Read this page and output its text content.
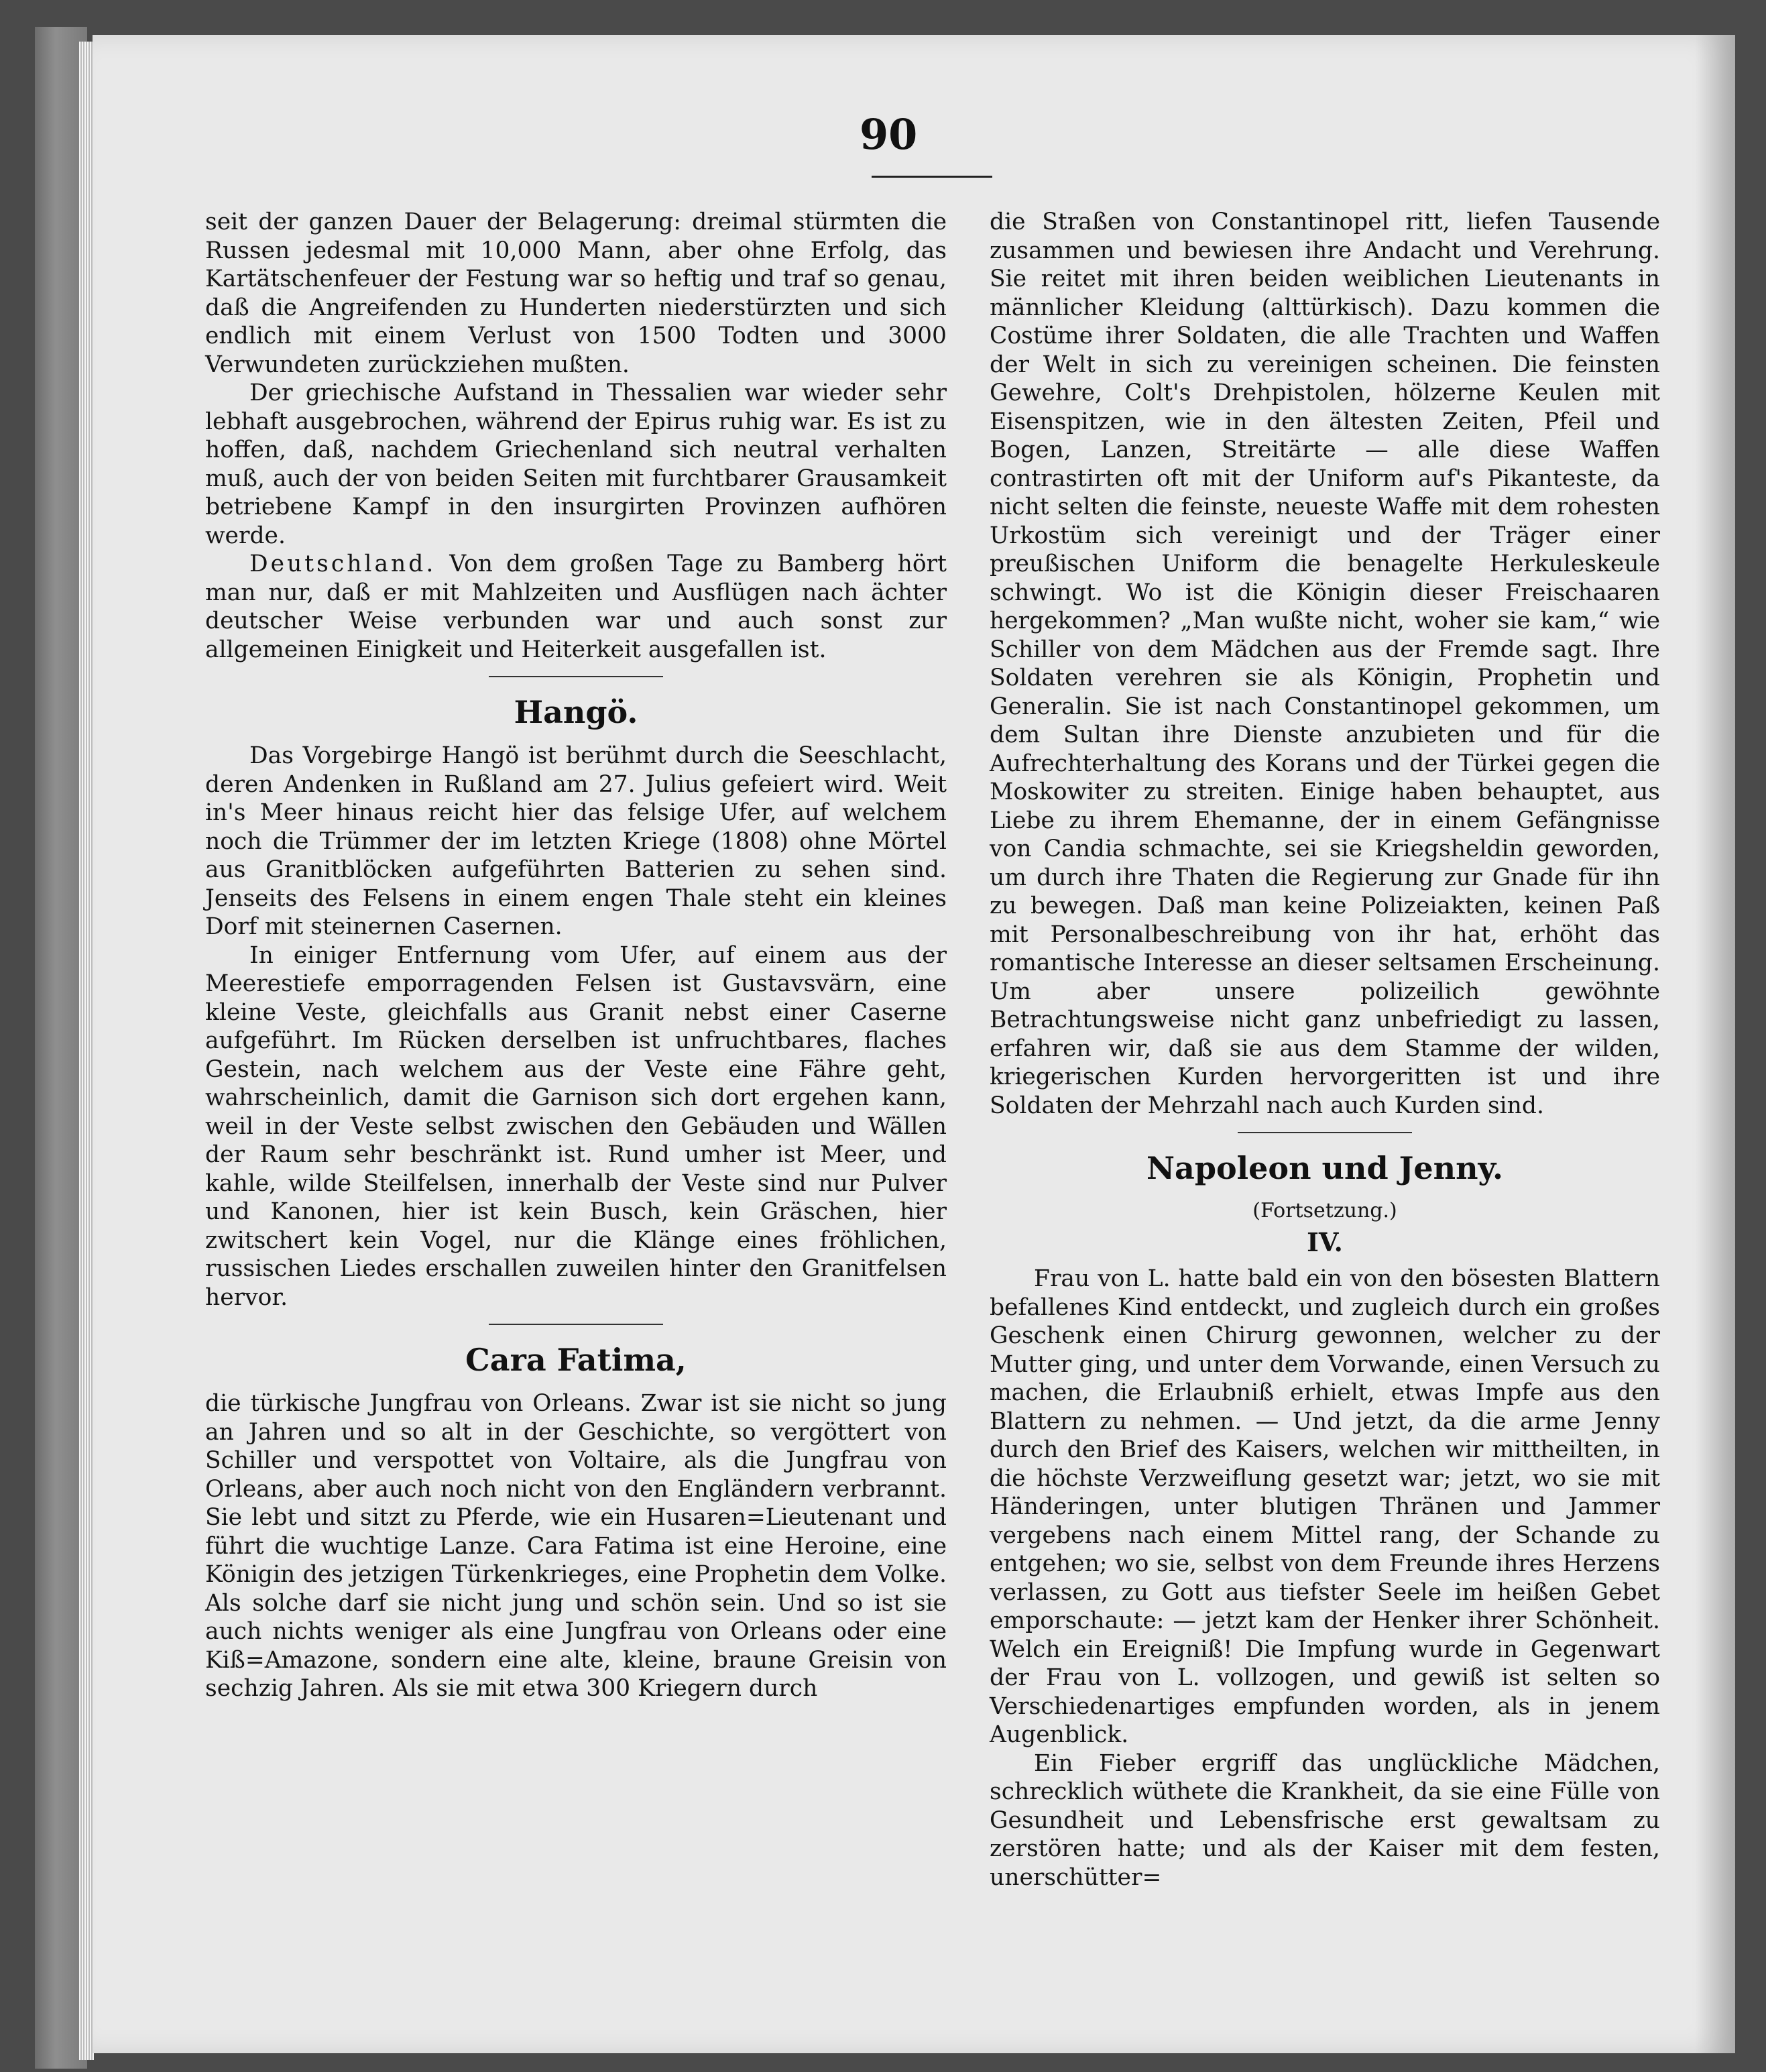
90

seit der ganzen Dauer der Belagerung: dreimal stürmten die Russen jedesmal mit 10,000 Mann, aber ohne Erfolg, das Kartätschenfeuer der Festung war so heftig und traf so genau, daß die Angreifenden zu Hunderten niederstürzten und sich endlich mit einem Verlust von 1500 Todten und 3000 Verwundeten zurückziehen mußten.

Der griechische Aufstand in Thessalien war wieder sehr lebhaft ausgebrochen, während der Epirus ruhig war. Es ist zu hoffen, daß, nachdem Griechenland sich neutral verhalten muß, auch der von beiden Seiten mit furchtbarer Grausamkeit betriebene Kampf in den insurgirten Provinzen aufhören werde.

Deutschland. Von dem großen Tage zu Bamberg hört man nur, daß er mit Mahlzeiten und Ausflügen nach ächter deutscher Weise verbunden war und auch sonst zur allgemeinen Einigkeit und Heiterkeit ausgefallen ist.

Hangö.

Das Vorgebirge Hangö ist berühmt durch die Seeschlacht, deren Andenken in Rußland am 27. Julius gefeiert wird. Weit in's Meer hinaus reicht hier das felsige Ufer, auf welchem noch die Trümmer der im letzten Kriege (1808) ohne Mörtel aus Granitblöcken aufgeführten Batterien zu sehen sind. Jenseits des Felsens in einem engen Thale steht ein kleines Dorf mit steinernen Casernen.

In einiger Entfernung vom Ufer, auf einem aus der Meerestiefe emporragenden Felsen ist Gustavsvärn, eine kleine Veste, gleichfalls aus Granit nebst einer Caserne aufgeführt. Im Rücken derselben ist unfruchtbares, flaches Gestein, nach welchem aus der Veste eine Fähre geht, wahrscheinlich, damit die Garnison sich dort ergehen kann, weil in der Veste selbst zwischen den Gebäuden und Wällen der Raum sehr beschränkt ist. Rund umher ist Meer, und kahle, wilde Steilfelsen, innerhalb der Veste sind nur Pulver und Kanonen, hier ist kein Busch, kein Gräschen, hier zwitschert kein Vogel, nur die Klänge eines fröhlichen, russischen Liedes erschallen zuweilen hinter den Granitfelsen hervor.

Cara Fatima,

die türkische Jungfrau von Orleans. Zwar ist sie nicht so jung an Jahren und so alt in der Geschichte, so vergöttert von Schiller und verspottet von Voltaire, als die Jungfrau von Orleans, aber auch noch nicht von den Engländern verbrannt. Sie lebt und sitzt zu Pferde, wie ein Husaren=Lieutenant und führt die wuchtige Lanze. Cara Fatima ist eine Heroine, eine Königin des jetzigen Türkenkrieges, eine Prophetin dem Volke. Als solche darf sie nicht jung und schön sein. Und so ist sie auch nichts weniger als eine Jungfrau von Orleans oder eine Kiß=Amazone, sondern eine alte, kleine, braune Greisin von sechzig Jahren. Als sie mit etwa 300 Kriegern durch

die Straßen von Constantinopel ritt, liefen Tausende zusammen und bewiesen ihre Andacht und Verehrung. Sie reitet mit ihren beiden weiblichen Lieutenants in männlicher Kleidung (alttürkisch). Dazu kommen die Costüme ihrer Soldaten, die alle Trachten und Waffen der Welt in sich zu vereinigen scheinen. Die feinsten Gewehre, Colt's Drehpistolen, hölzerne Keulen mit Eisenspitzen, wie in den ältesten Zeiten, Pfeil und Bogen, Lanzen, Streitärte — alle diese Waffen contrastirten oft mit der Uniform auf's Pikanteste, da nicht selten die feinste, neueste Waffe mit dem rohesten Urkostüm sich vereinigt und der Träger einer preußischen Uniform die benagelte Herkuleskeule schwingt. Wo ist die Königin dieser Freischaaren hergekommen? „Man wußte nicht, woher sie kam,“ wie Schiller von dem Mädchen aus der Fremde sagt. Ihre Soldaten verehren sie als Königin, Prophetin und Generalin. Sie ist nach Constantinopel gekommen, um dem Sultan ihre Dienste anzubieten und für die Aufrechterhaltung des Korans und der Türkei gegen die Moskowiter zu streiten. Einige haben behauptet, aus Liebe zu ihrem Ehemanne, der in einem Gefängnisse von Candia schmachte, sei sie Kriegsheldin geworden, um durch ihre Thaten die Regierung zur Gnade für ihn zu bewegen. Daß man keine Polizeiakten, keinen Paß mit Personalbeschreibung von ihr hat, erhöht das romantische Interesse an dieser seltsamen Erscheinung. Um aber unsere polizeilich gewöhnte Betrachtungsweise nicht ganz unbefriedigt zu lassen, erfahren wir, daß sie aus dem Stamme der wilden, kriegerischen Kurden hervorgeritten ist und ihre Soldaten der Mehrzahl nach auch Kurden sind.

Napoleon und Jenny.
(Fortsetzung.)
IV.

Frau von L. hatte bald ein von den bösesten Blattern befallenes Kind entdeckt, und zugleich durch ein großes Geschenk einen Chirurg gewonnen, welcher zu der Mutter ging, und unter dem Vorwande, einen Versuch zu machen, die Erlaubniß erhielt, etwas Impfe aus den Blattern zu nehmen. — Und jetzt, da die arme Jenny durch den Brief des Kaisers, welchen wir mittheilten, in die höchste Verzweiflung gesetzt war; jetzt, wo sie mit Händeringen, unter blutigen Thränen und Jammer vergebens nach einem Mittel rang, der Schande zu entgehen; wo sie, selbst von dem Freunde ihres Herzens verlassen, zu Gott aus tiefster Seele im heißen Gebet emporschaute: — jetzt kam der Henker ihrer Schönheit. Welch ein Ereigniß! Die Impfung wurde in Gegenwart der Frau von L. vollzogen, und gewiß ist selten so Verschiedenartiges empfunden worden, als in jenem Augenblick.

Ein Fieber ergriff das unglückliche Mädchen, schrecklich wüthete die Krankheit, da sie eine Fülle von Gesundheit und Lebensfrische erst gewaltsam zu zerstören hatte; und als der Kaiser mit dem festen, unerschütter=
